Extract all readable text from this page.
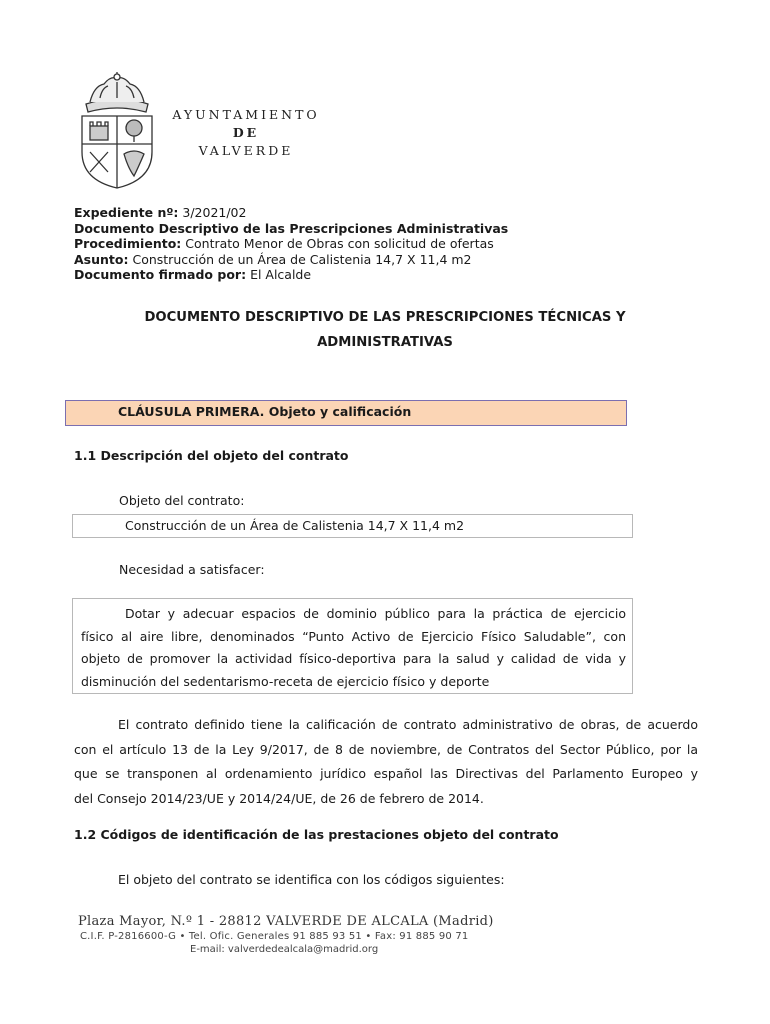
AYUNTAMIENTO
DE
VALVERDE
Expediente nº: 3/2021/02
Documento Descriptivo de las Prescripciones Administrativas
Procedimiento: Contrato Menor de Obras con solicitud de ofertas
Asunto: Construcción de un Área de Calistenia 14,7 X 11,4 m2
Documento firmado por: El Alcalde
DOCUMENTO DESCRIPTIVO DE LAS PRESCRIPCIONES TÉCNICAS Y
ADMINISTRATIVAS
CLÁUSULA PRIMERA. Objeto y calificación
1.1 Descripción del objeto del contrato
Objeto del contrato:
Construcción de un Área de Calistenia 14,7 X 11,4 m2
Necesidad a satisfacer:
Dotar y adecuar espacios de dominio público para la práctica de ejercicio
físico al aire libre, denominados “Punto Activo de Ejercicio Físico Saludable”, con
objeto de promover la actividad físico-deportiva para la salud y calidad de vida y
disminución del sedentarismo-receta de ejercicio físico y deporte
El contrato definido tiene la calificación de contrato administrativo de obras, de acuerdo
con el artículo 13 de la Ley 9/2017, de 8 de noviembre, de Contratos del Sector Público, por la
que se transponen al ordenamiento jurídico español las Directivas del Parlamento Europeo y
del Consejo 2014/23/UE y 2014/24/UE, de 26 de febrero de 2014.
1.2 Códigos de identificación de las prestaciones objeto del contrato
El objeto del contrato se identifica con los códigos siguientes:
Plaza Mayor, N.º 1 - 28812 VALVERDE DE ALCALA (Madrid)
C.I.F. P-2816600-G • Tel. Ofic. Generales 91 885 93 51 • Fax: 91 885 90 71
E-mail: valverdedealcala@madrid.org
